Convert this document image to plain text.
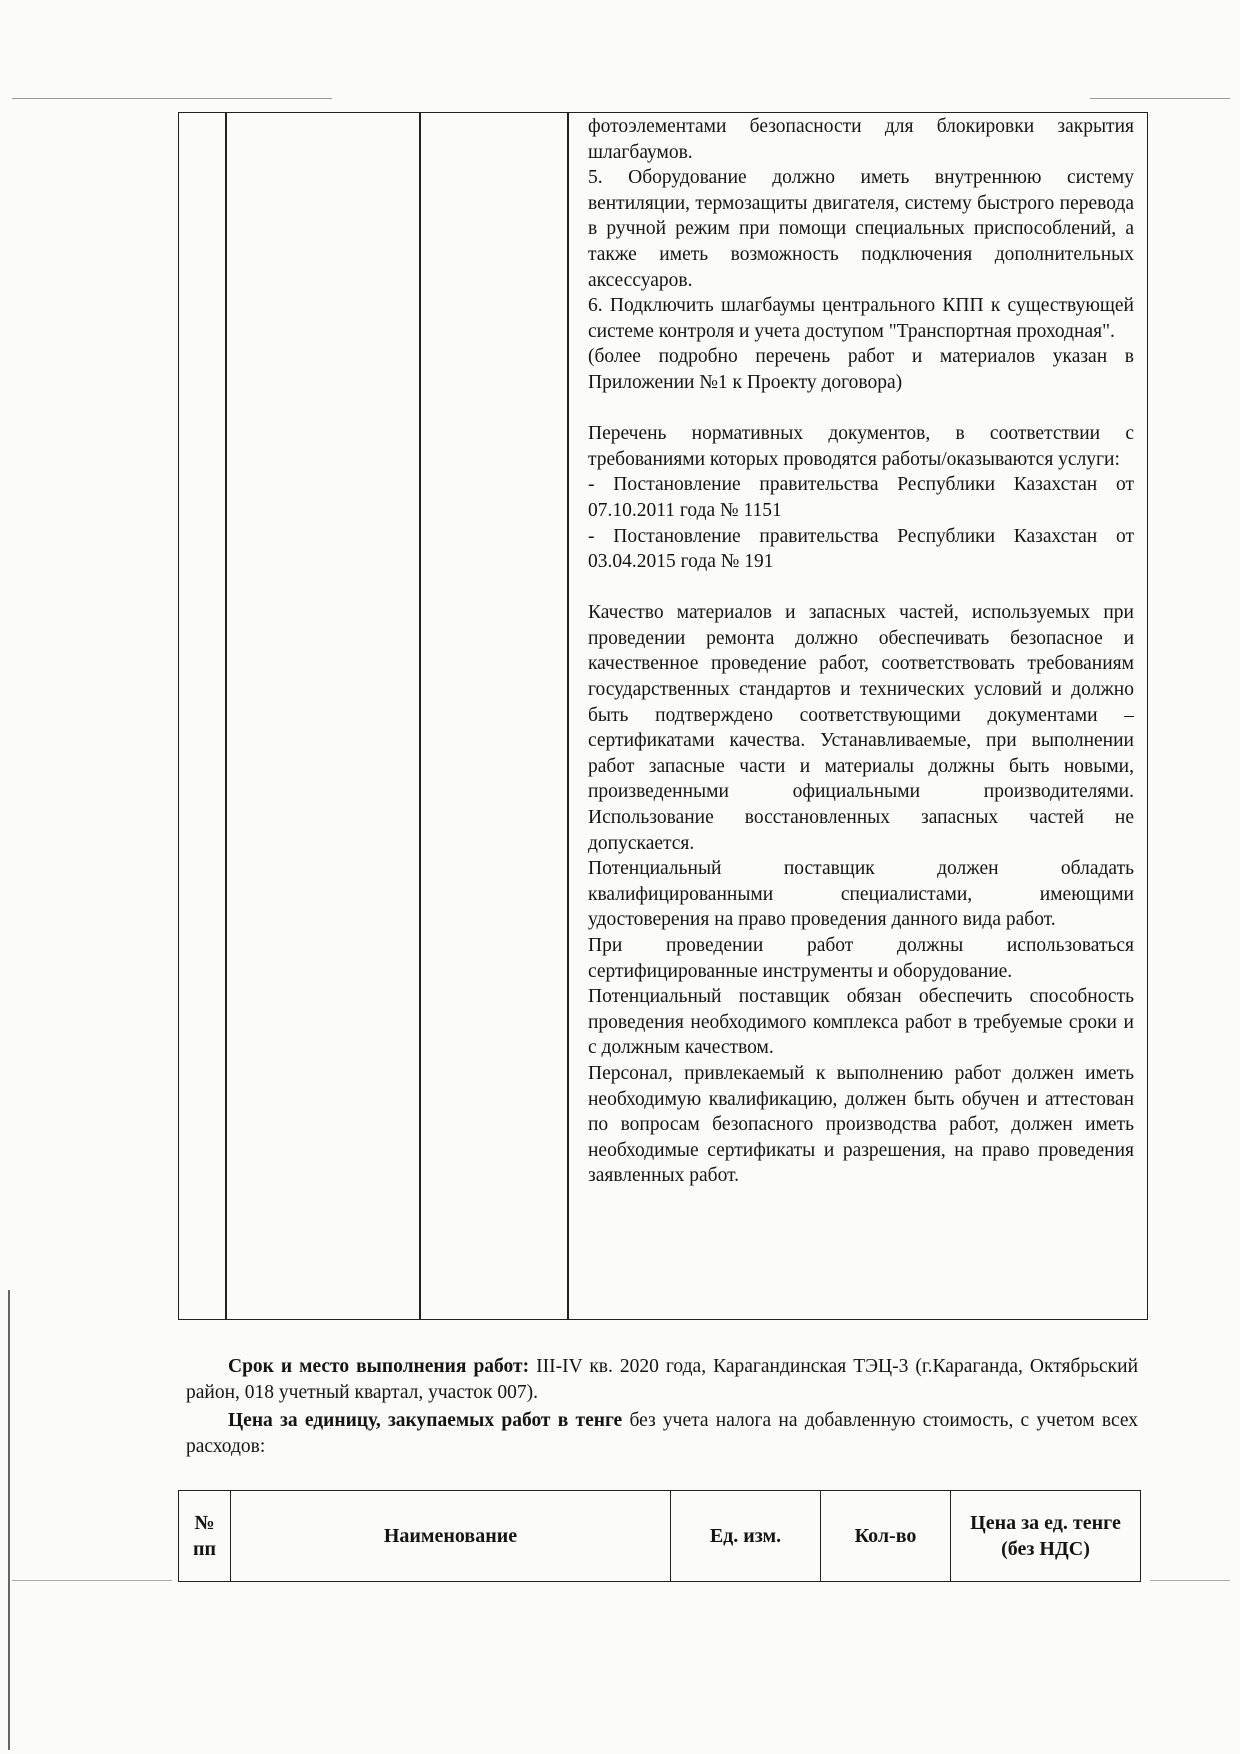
фотоэлементами безопасности для блокировки закрытия шлагбаумов.

5. Оборудование должно иметь внутреннюю систему вентиляции, термозащиты двигателя, систему быстрого перевода в ручной режим при помощи специальных приспособлений, а также иметь возможность подключения дополнительных аксессуаров.

6. Подключить шлагбаумы центрального КПП к существующей системе контроля и учета доступом "Транспортная проходная".

(более подробно перечень работ и материалов указан в Приложении №1 к Проекту договора)

Перечень нормативных документов, в соответствии с требованиями которых проводятся работы/оказываются услуги:

- Постановление правительства Республики Казахстан от 07.10.2011 года № 1151

- Постановление правительства Республики Казахстан от 03.04.2015 года № 191

Качество материалов и запасных частей, используемых при проведении ремонта должно обеспечивать безопасное и качественное проведение работ, соответствовать требованиям государственных стандартов и технических условий и должно быть подтверждено соответствующими документами – сертификатами качества. Устанавливаемые, при выполнении работ запасные части и материалы должны быть новыми, произведенными официальными производителями. Использование восстановленных запасных частей не допускается.

Потенциальный поставщик должен обладать квалифицированными специалистами, имеющими удостоверения на право проведения данного вида работ.

При проведении работ должны использоваться сертифицированные инструменты и оборудование.

Потенциальный поставщик обязан обеспечить способность проведения необходимого комплекса работ в требуемые сроки и с должным качеством.

Персонал, привлекаемый к выполнению работ должен иметь необходимую квалификацию, должен быть обучен и аттестован по вопросам безопасного производства работ, должен иметь необходимые сертификаты и разрешения, на право проведения заявленных работ.

Срок и место выполнения работ: III-IV кв. 2020 года, Карагандинская ТЭЦ-3 (г.Караганда, Октябрьский район, 018 учетный квартал, участок 007).

Цена за единицу, закупаемых работ в тенге без учета налога на добавленную стоимость, с учетом всех расходов:

№ пп	Наименование	Ед. изм.	Кол-во	Цена за ед. тенге (без НДС)
